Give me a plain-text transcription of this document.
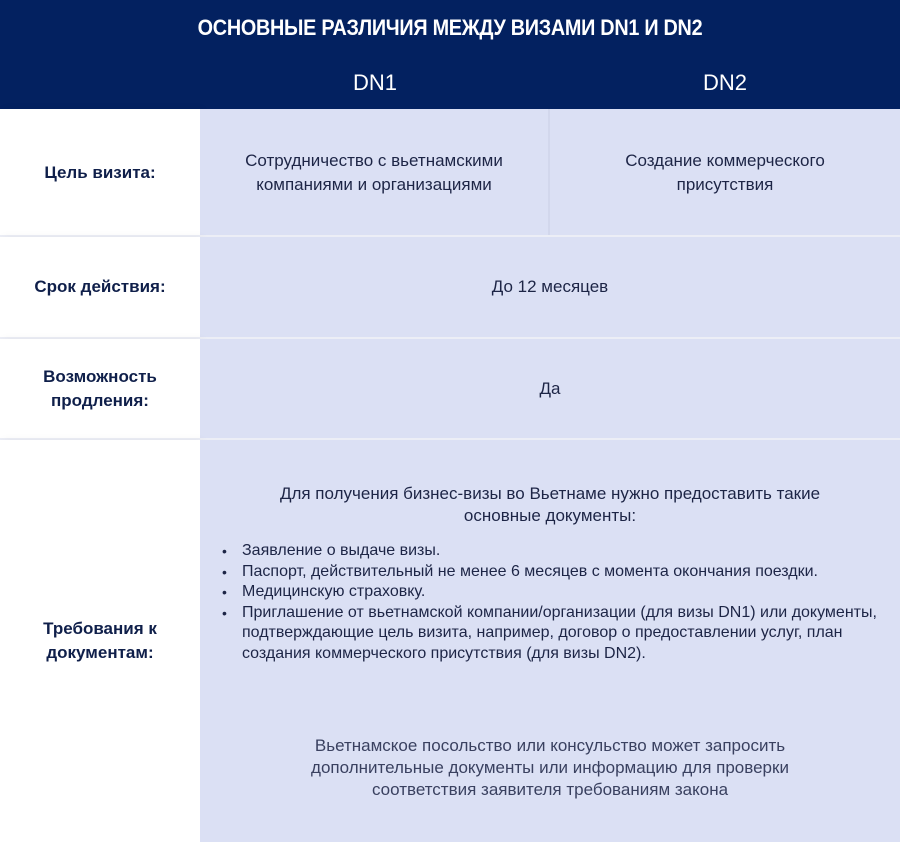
ОСНОВНЫЕ РАЗЛИЧИЯ МЕЖДУ ВИЗАМИ DN1 И DN2
DN1	DN2
Цель визита:
Сотрудничество с вьетнамскими компаниями и организациями
Создание коммерческого присутствия
Срок действия:	До 12 месяцев
Возможность продления:
Да
Требования к документам:
Для получения бизнес-визы во Вьетнаме нужно предоставить такие основные документы:
• Заявление о выдаче визы.
• Паспорт, действительный не менее 6 месяцев с момента окончания поездки.
• Медицинскую страховку.
• Приглашение от вьетнамской компании/организации (для визы DN1) или документы, подтверждающие цель визита, например, договор о предоставлении услуг, план создания коммерческого присутствия (для визы DN2).
Вьетнамское посольство или консульство может запросить дополнительные документы или информацию для проверки соответствия заявителя требованиям закона
